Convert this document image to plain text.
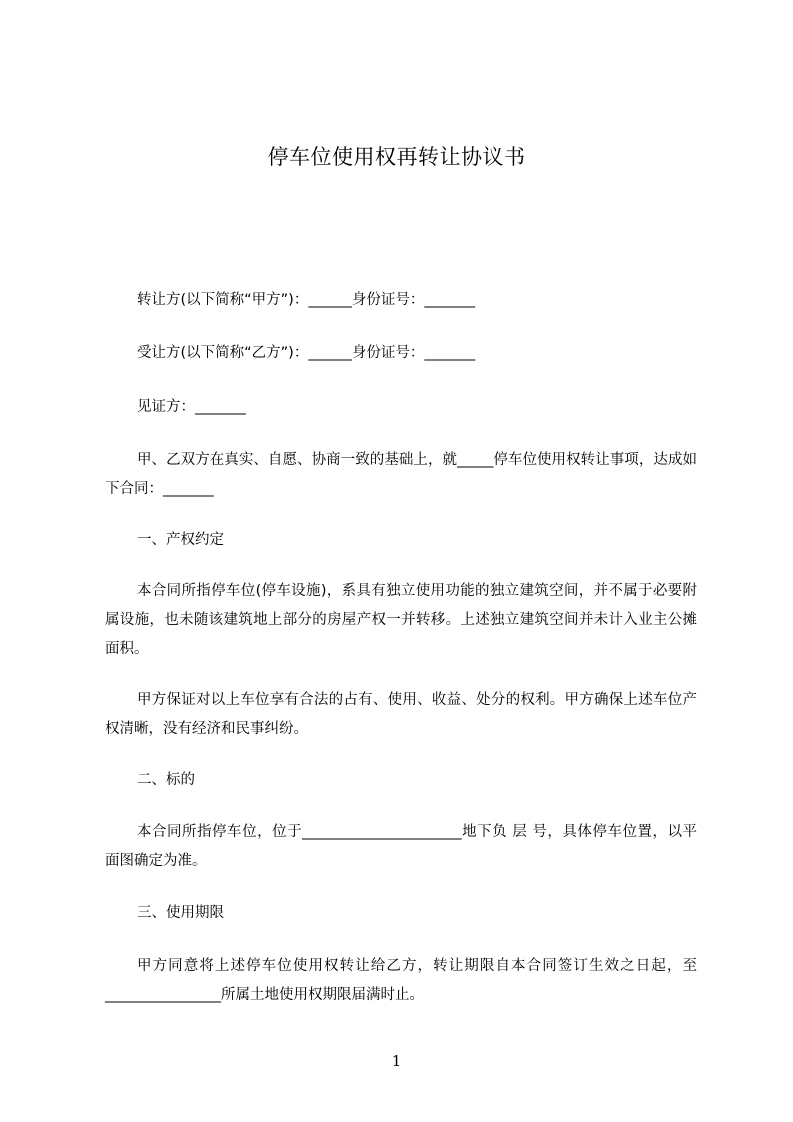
停车位使用权再转让协议书
转让方(以下简称“甲方”)：______身份证号：_______
受让方(以下简称“乙方”)：______身份证号：_______
见证方：_______
甲、乙双方在真实、自愿、协商一致的基础上，就_____停车位使用权转让事项，达成如下合同：_______
一、产权约定
本合同所指停车位(停车设施)，系具有独立使用功能的独立建筑空间，并不属于必要附属设施，也未随该建筑地上部分的房屋产权一并转移。上述独立建筑空间并未计入业主公摊面积。
甲方保证对以上车位享有合法的占有、使用、收益、处分的权利。甲方确保上述车位产权清晰，没有经济和民事纠纷。
二、标的
本合同所指停车位，位于______________________地下负 层 号，具体停车位置，以平面图确定为准。
三、使用期限
甲方同意将上述停车位使用权转让给乙方，转让期限自本合同签订生效之日起，至________________所属土地使用权期限届满时止。
1
